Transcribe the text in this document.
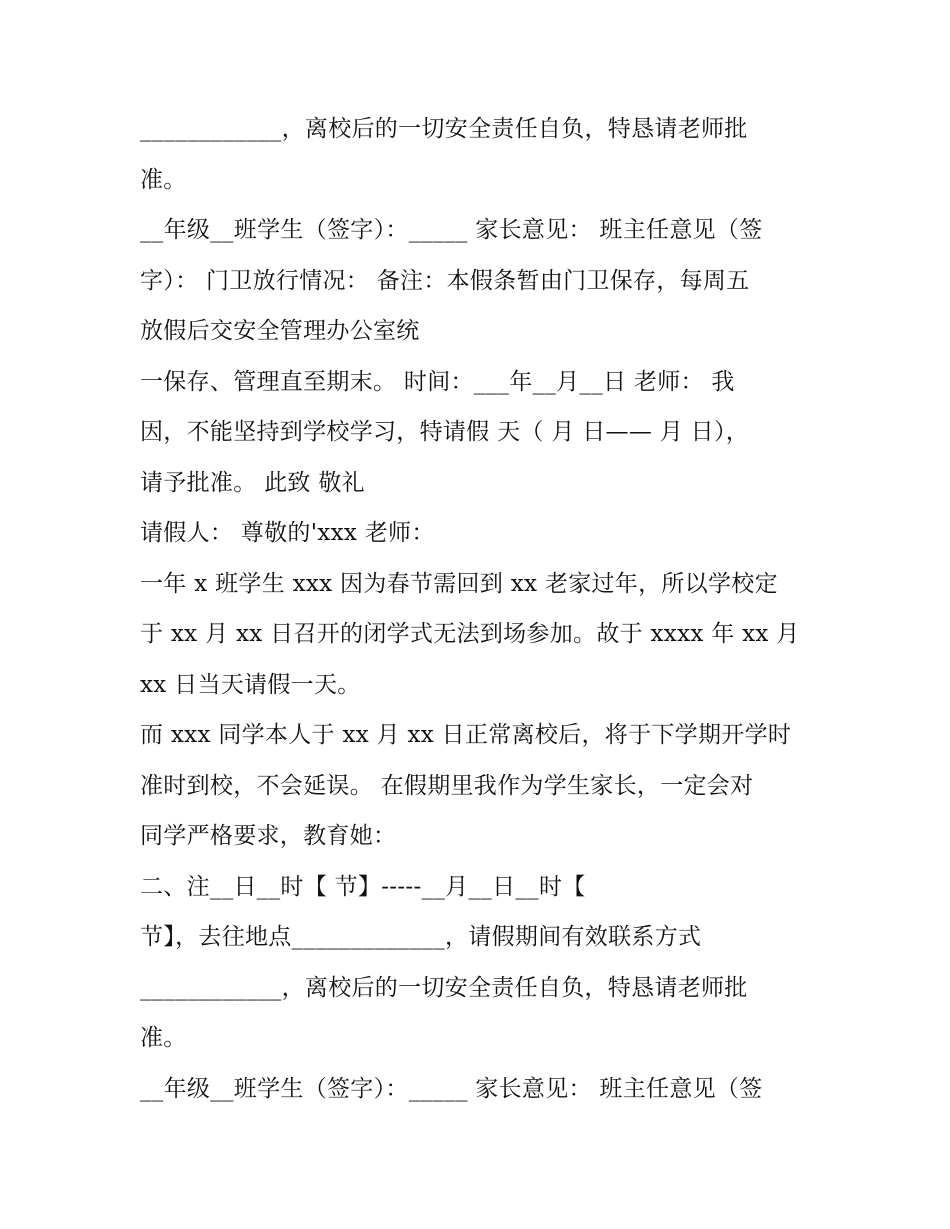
____________，离校后的一切安全责任自负，特恳请老师批
准。
__年级__班学生（签字）：_____ 家长意见： 班主任意见（签
字）： 门卫放行情况： 备注：本假条暂由门卫保存，每周五
放假后交安全管理办公室统
一保存、管理直至期末。 时间：___年__月__日 老师： 我
因，不能坚持到学校学习，特请假 天（ 月 日—— 月 日），
请予批准。 此致 敬礼
请假人： 尊敬的'xxx 老师：
一年 x 班学生 xxx 因为春节需回到 xx 老家过年，所以学校定
于 xx 月 xx 日召开的闭学式无法到场参加。故于 xxxx 年 xx 月
xx 日当天请假一天。
而 xxx 同学本人于 xx 月 xx 日正常离校后，将于下学期开学时
准时到校，不会延误。 在假期里我作为学生家长，一定会对
同学严格要求，教育她：
二、注__日__时【 节】-----__月__日__时【
节】，去往地点_____________，请假期间有效联系方式
____________，离校后的一切安全责任自负，特恳请老师批
准。
__年级__班学生（签字）：_____ 家长意见： 班主任意见（签
